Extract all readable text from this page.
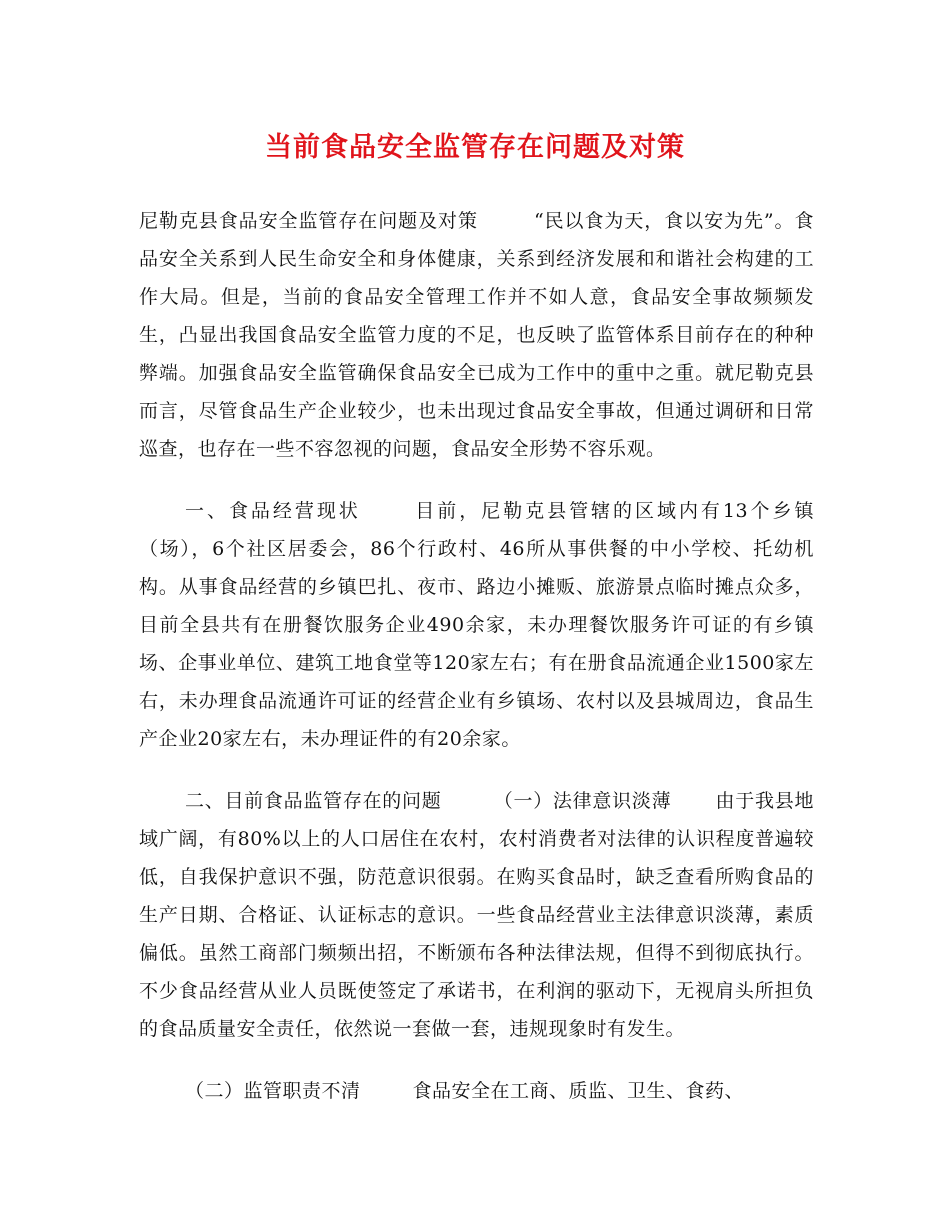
当前食品安全监管存在问题及对策

尼勒克县食品安全监管存在问题及对策	“民以食为天，食以安为先”。食品安全关系到人民生命安全和身体健康，关系到经济发展和和谐社会构建的工作大局。但是，当前的食品安全管理工作并不如人意，食品安全事故频频发生，凸显出我国食品安全监管力度的不足，也反映了监管体系目前存在的种种弊端。加强食品安全监管确保食品安全已成为工作中的重中之重。就尼勒克县而言，尽管食品生产企业较少，也未出现过食品安全事故，但通过调研和日常巡查，也存在一些不容忽视的问题，食品安全形势不容乐观。

一、食品经营现状	目前，尼勒克县管辖的区域内有13个乡镇（场），6个社区居委会，86个行政村、46所从事供餐的中小学校、托幼机构。从事食品经营的乡镇巴扎、夜市、路边小摊贩、旅游景点临时摊点众多，目前全县共有在册餐饮服务企业490余家，未办理餐饮服务许可证的有乡镇场、企事业单位、建筑工地食堂等120家左右；有在册食品流通企业1500家左右，未办理食品流通许可证的经营企业有乡镇场、农村以及县城周边，食品生产企业20家左右，未办理证件的有20余家。

二、目前食品监管存在的问题	（一）法律意识淡薄 由于我县地域广阔，有80%以上的人口居住在农村，农村消费者对法律的认识程度普遍较低，自我保护意识不强，防范意识很弱。在购买食品时，缺乏查看所购食品的生产日期、合格证、认证标志的意识。一些食品经营业主法律意识淡薄，素质偏低。虽然工商部门频频出招，不断颁布各种法律法规，但得不到彻底执行。不少食品经营从业人员既使签定了承诺书，在利润的驱动下，无视肩头所担负的食品质量安全责任，依然说一套做一套，违规现象时有发生。

（二）监管职责不清	食品安全在工商、质监、卫生、食药、
